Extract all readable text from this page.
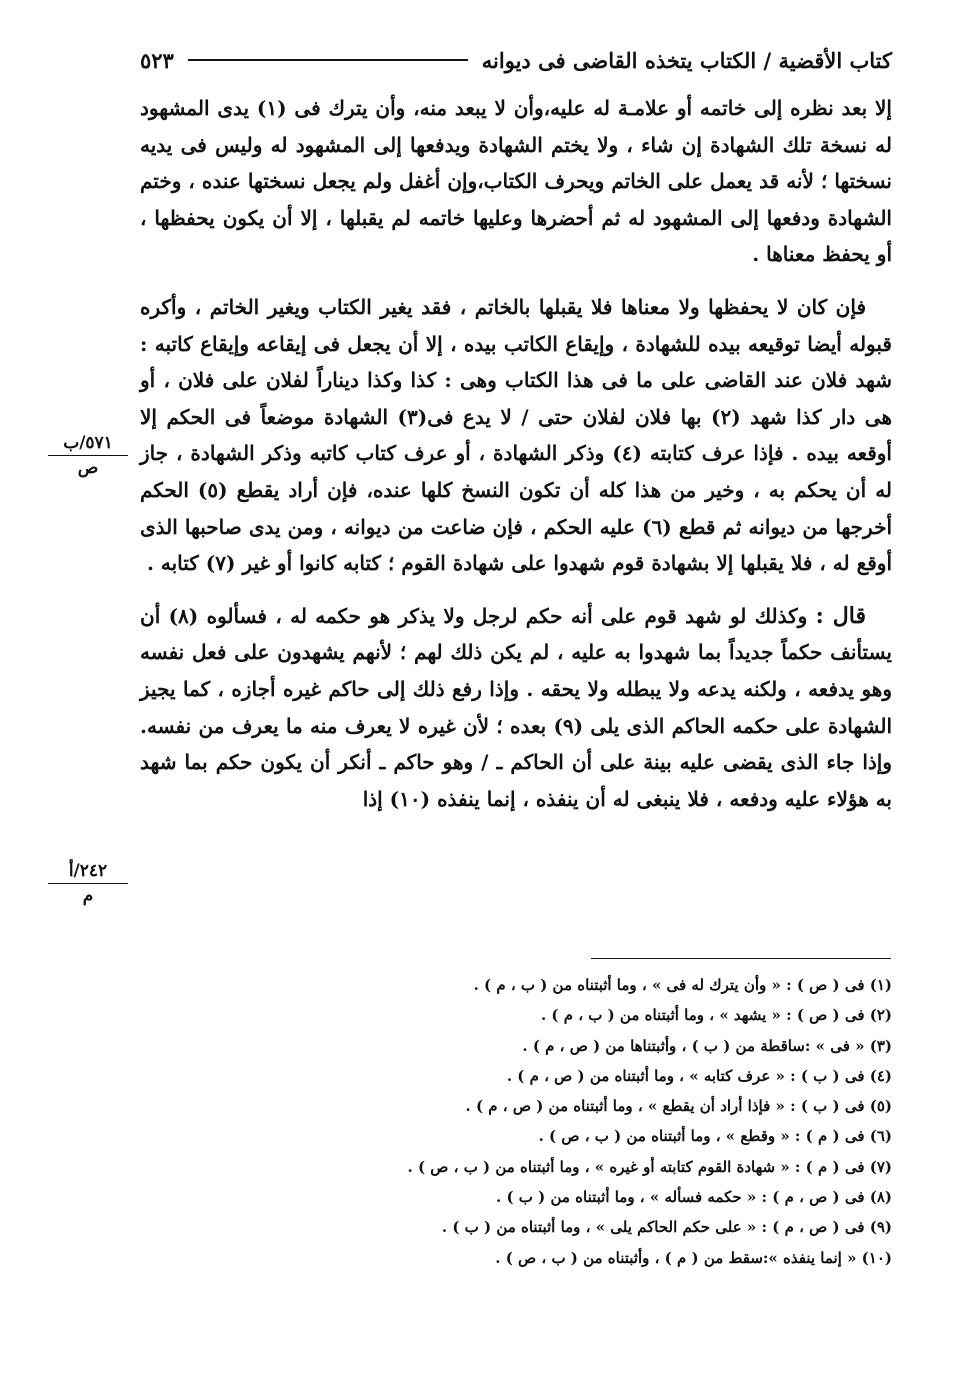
كتاب الأقضية / الكتاب يتخذه القاضى فى ديوانه
٥٢٣

إلا بعد نظره إلى خاتمه أو علامـة له عليه،وأن لا يبعد منه، وأن يترك فى (١) يدى المشهود له نسخة تلك الشهادة إن شاء ، ولا يختم الشهادة ويدفعها إلى المشهود له وليس فى يديه نسختها ؛ لأنه قد يعمل على الخاتم ويحرف الكتاب،وإن أغفل ولم يجعل نسختها عنده ، وختم الشهادة ودفعها إلى المشهود له ثم أحضرها وعليها خاتمه لم يقبلها ، إلا أن يكون يحفظها ، أو يحفظ معناها .

فإن كان لا يحفظها ولا معناها فلا يقبلها بالخاتم ، فقد يغير الكتاب ويغير الخاتم ، وأكره قبوله أيضا توقيعه بيده للشهادة ، وإيقاع الكاتب بيده ، إلا أن يجعل فى إيقاعه وإيقاع كاتبه : شهد فلان عند القاضى على ما فى هذا الكتاب وهى : كذا وكذا ديناراً لفلان على فلان ، أو هى دار كذا شهد (٢) بها فلان لفلان حتى / لا يدع فى(٣) الشهادة موضعاً فى الحكم إلا أوقعه بيده . فإذا عرف كتابته (٤) وذكر الشهادة ، أو عرف كتاب كاتبه وذكر الشهادة ، جاز له أن يحكم به ، وخير من هذا كله أن تكون النسخ كلها عنده، فإن أراد يقطع (٥) الحكم أخرجها من ديوانه ثم قطع (٦) عليه الحكم ، فإن ضاعت من ديوانه ، ومن يدى صاحبها الذى أوقع له ، فلا يقبلها إلا بشهادة قوم شهدوا على شهادة القوم ؛ كتابه كانوا أو غير (٧) كتابه .

قال : وكذلك لو شهد قوم على أنه حكم لرجل ولا يذكر هو حكمه له ، فسألوه (٨) أن يستأنف حكماً جديداً بما شهدوا به عليه ، لم يكن ذلك لهم ؛ لأنهم يشهدون على فعل نفسه وهو يدفعه ، ولكنه يدعه ولا يبطله ولا يحقه . وإذا رفع ذلك إلى حاكم غيره أجازه ، كما يجيز الشهادة على حكمه الحاكم الذى يلى (٩) بعده ؛ لأن غيره لا يعرف منه ما يعرف من نفسه. وإذا جاء الذى يقضى عليه بينة على أن الحاكم ـ / وهو حاكم ـ أنكر أن يكون حكم بما شهد به هؤلاء عليه ودفعه ، فلا ينبغى له أن ينفذه ، إنما ينفذه (١٠) إذا

٥٧١/ب
ص
٢٤٢/أ
م

(١) فى ( ص ) : « وأن يترك له فى » ، وما أثبتناه من ( ب ، م ) .

(٢) فى ( ص ) : « يشهد » ، وما أثبتناه من ( ب ، م ) .

(٣) « فى » :ساقطة من ( ب ) ، وأثبتناها من ( ص ، م ) .

(٤) فى ( ب ) : « عرف كتابه » ، وما أثبتناه من ( ص ، م ) .

(٥) فى ( ب ) : « فإذا أراد أن يقطع » ، وما أثبتناه من ( ص ، م ) .

(٦) فى ( م ) : « وقطع » ، وما أثبتناه من ( ب ، ص ) .

(٧) فى ( م ) : « شهادة القوم كتابته أو غيره » ، وما أثبتناه من ( ب ، ص ) .

(٨) فى ( ص ، م ) : « حكمه فسأله » ، وما أثبتناه من ( ب ) .

(٩) فى ( ص ، م ) : « على حكم الحاكم يلى » ، وما أثبتناه من ( ب ) .

(١٠) « إنما ينفذه »:سقط من ( م ) ، وأثبتناه من ( ب ، ص ) .
